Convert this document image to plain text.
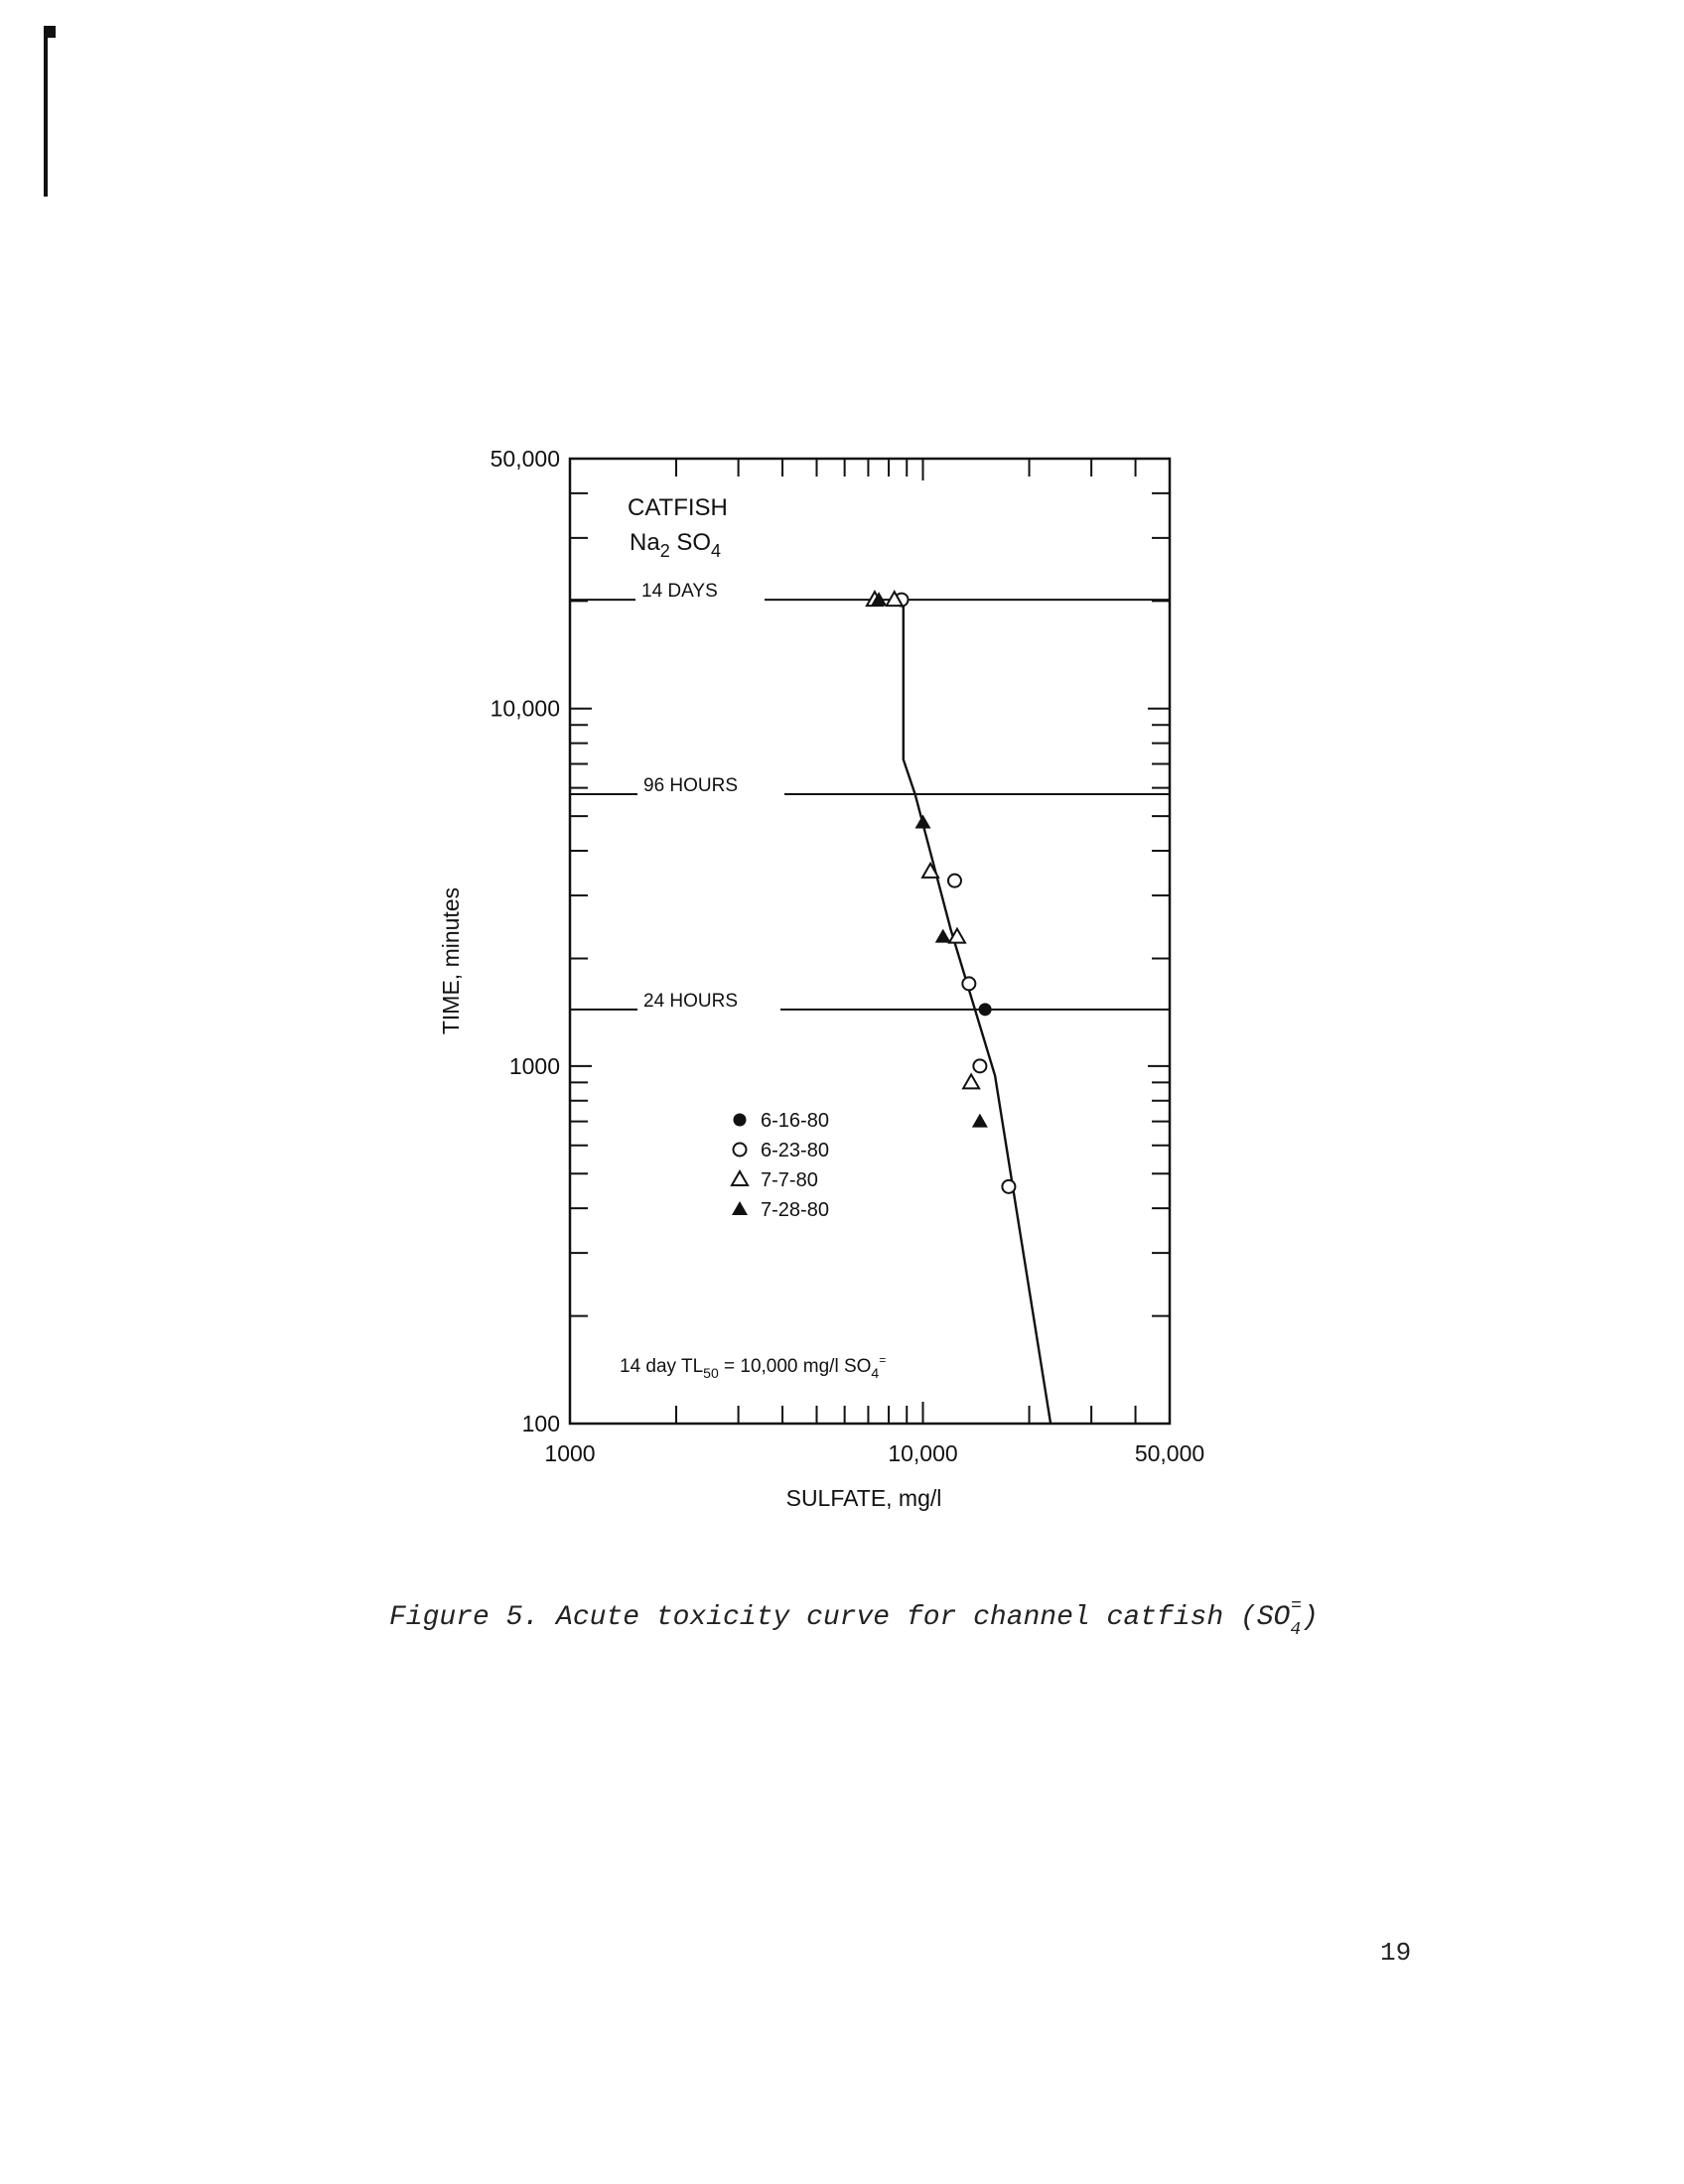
14 DAYS
96 HOURS
24 HOURS
1000	10,000	50,000
100
1000
10,000
50,000
CATFISH
$Na_2$ $SO_4$
6-16-80
6-23-80
7-7-80
7-28-80
14 day $TL_{50} = 10,000$ mg/l $SO_4^=$
SULFATE, mg/l
TIME, minutes
Figure 5. Acute toxicity curve for channel catfish $(SO_4^=)$
19
